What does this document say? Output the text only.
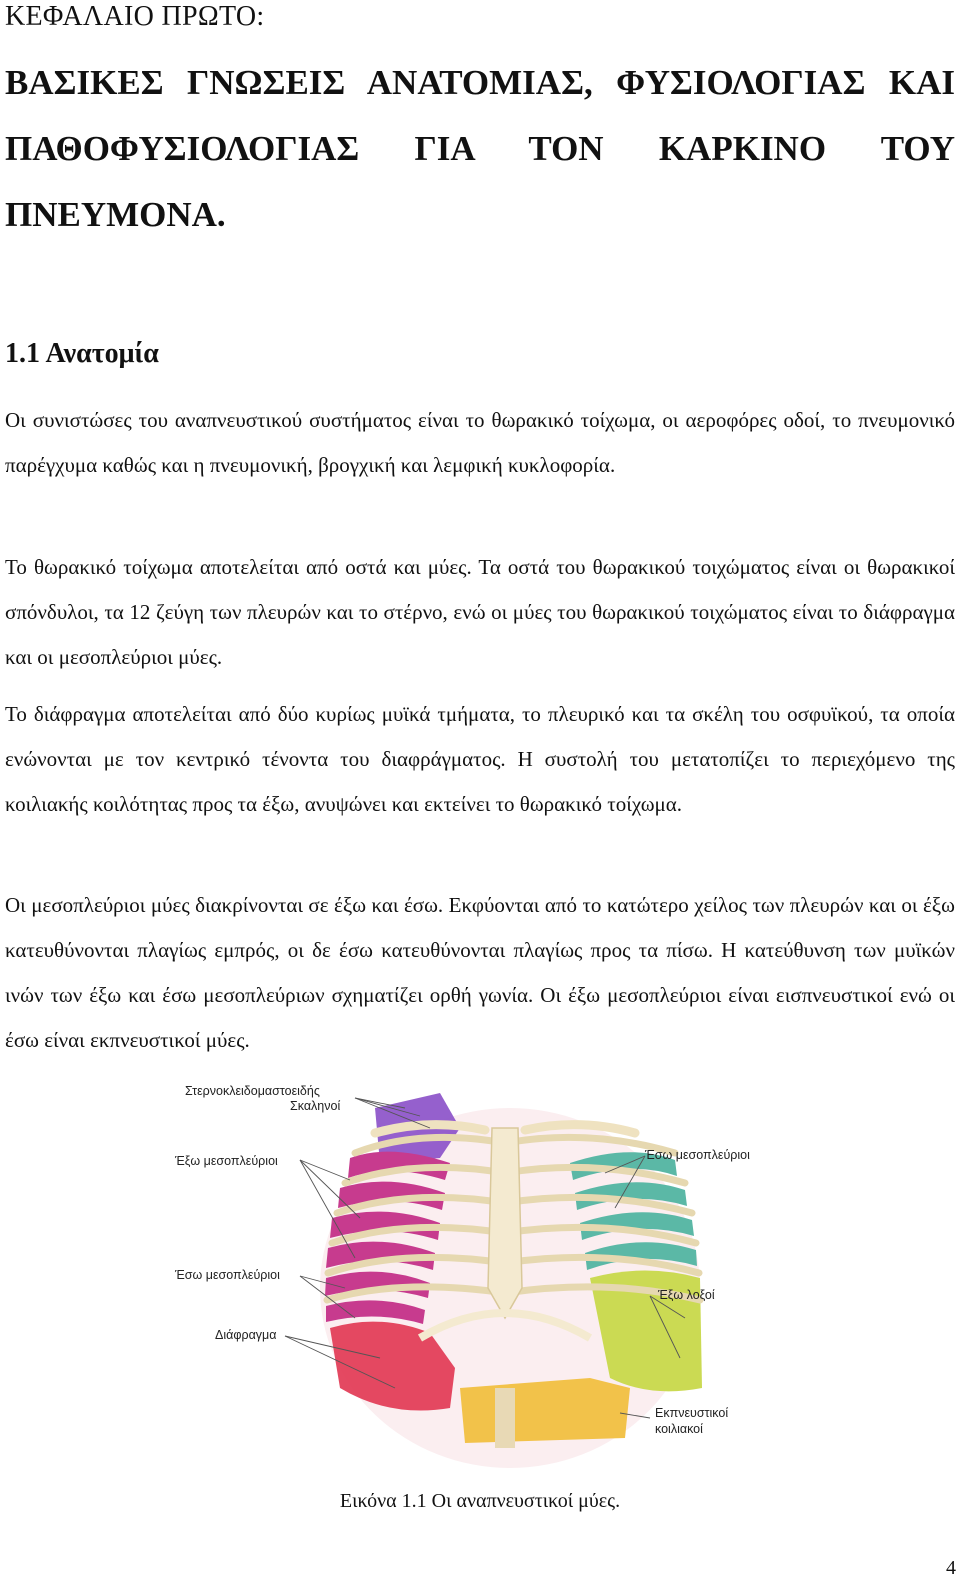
ΚΕΦΑΛΑΙΟ ΠΡΩΤΟ:
ΒΑΣΙΚΕΣ ΓΝΩΣΕΙΣ ΑΝΑΤΟΜΙΑΣ, ΦΥΣΙΟΛΟΓΙΑΣ ΚΑΙ ΠΑΘΟΦΥΣΙΟΛΟΓΙΑΣ ΓΙΑ ΤΟΝ ΚΑΡΚΙΝΟ ΤΟΥ ΠΝΕΥΜΟΝΑ.
1.1 Ανατομία

Οι συνιστώσες του αναπνευστικού συστήματος είναι το θωρακικό τοίχωμα, οι αεροφόρες οδοί, το πνευμονικό παρέγχυμα καθώς και η πνευμονική, βρογχική και λεμφική κυκλοφορία.

Το θωρακικό τοίχωμα αποτελείται από οστά και μύες. Τα οστά του θωρακικού τοιχώματος είναι οι θωρακικοί σπόνδυλοι, τα 12 ζεύγη των πλευρών και το στέρνο, ενώ οι μύες του θωρακικού τοιχώματος είναι το διάφραγμα και οι μεσοπλεύριοι μύες.

Το διάφραγμα αποτελείται από δύο κυρίως μυϊκά τμήματα, το πλευρικό και τα σκέλη του οσφυϊκού, τα οποία ενώνονται με τον κεντρικό τένοντα του διαφράγματος. Η συστολή του μετατοπίζει το περιεχόμενο της κοιλιακής κοιλότητας προς τα έξω, ανυψώνει και εκτείνει το θωρακικό τοίχωμα.

Οι μεσοπλεύριοι μύες διακρίνονται σε έξω και έσω. Εκφύονται από το κατώτερο χείλος των πλευρών και οι έξω κατευθύνονται πλαγίως εμπρός, οι δε έσω κατευθύνονται πλαγίως προς τα πίσω. Η κατεύθυνση των μυϊκών ινών των έξω και έσω μεσοπλεύριων σχηματίζει ορθή γωνία. Οι έξω μεσοπλεύριοι είναι εισπνευστικοί ενώ οι έσω είναι εκπνευστικοί μύες.

Στερνοκλειδομαστοειδής
Σκαληνοί
Έξω μεσοπλεύριοι	Έσω μεσοπλεύριοι
Έσω μεσοπλεύριοι
Έξω λοξοί
Διάφραγμα
Εκπνευστικοί
κοιλιακοί
Εικόνα 1.1 Οι αναπνευστικοί μύες.
4
